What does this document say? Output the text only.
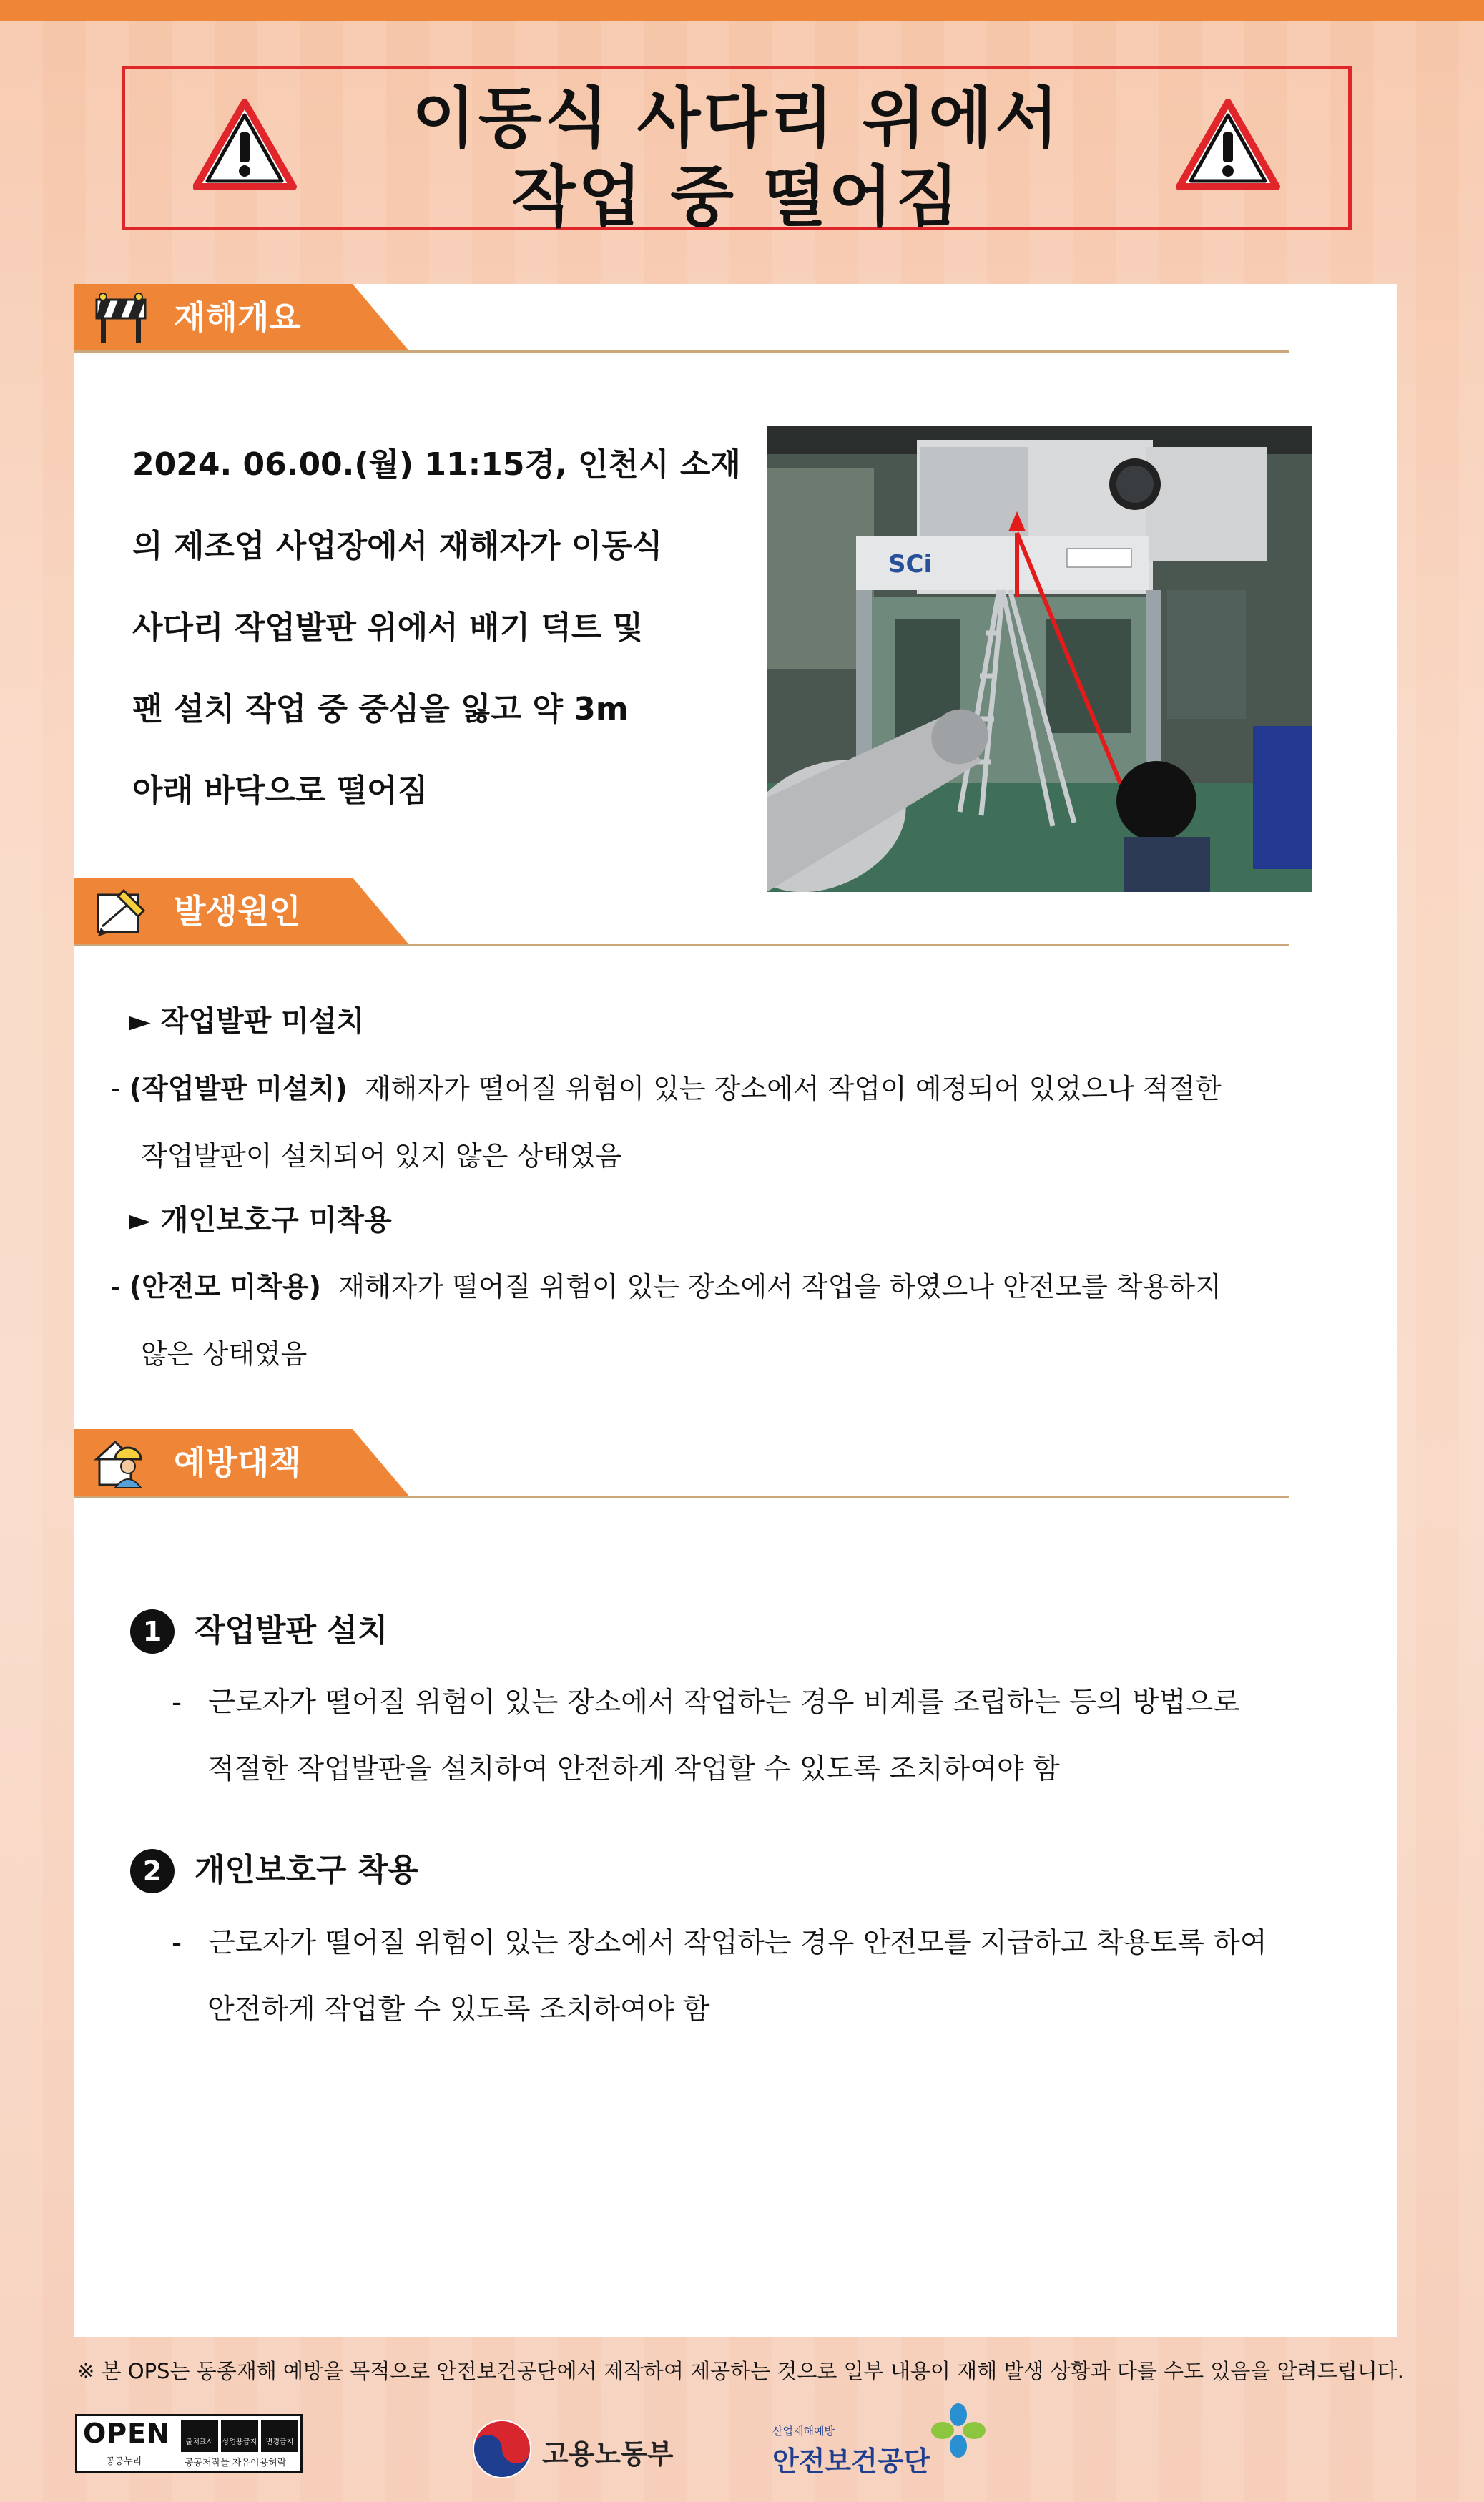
이동식 사다리 위에서
작업 중 떨어짐
재해개요
2024. 06.00.(월) 11:15경, 인천시 소재
의 제조업 사업장에서 재해자가 이동식
사다리 작업발판 위에서 배기 덕트 및
팬 설치 작업 중 중심을 잃고 약 3m
아래 바닥으로 떨어짐
SCi
발생원인
► 작업발판 미설치
- (작업발판 미설치) 재해자가 떨어질 위험이 있는 장소에서 작업이 예정되어 있었으나 적절한
작업발판이 설치되어 있지 않은 상태였음
► 개인보호구 미착용
- (안전모 미착용) 재해자가 떨어질 위험이 있는 장소에서 작업을 하였으나 안전모를 착용하지
않은 상태였음
예방대책
1	작업발판 설치
-   근로자가 떨어질 위험이 있는 장소에서 작업하는 경우 비계를 조립하는 등의 방법으로
적절한 작업발판을 설치하여 안전하게 작업할 수 있도록 조치하여야 함
2	개인보호구 착용
-   근로자가 떨어질 위험이 있는 장소에서 작업하는 경우 안전모를 지급하고 착용토록 하여
안전하게 작업할 수 있도록 조치하여야 함
※ 본 OPS는 동종재해 예방을 목적으로 안전보건공단에서 제작하여 제공하는 것으로 일부 내용이 재해 발생 상황과 다를 수도 있음을 알려드립니다.
OPEN
공공누리
출처표시	상업용금지	변경금지
공공저작물 자유이용허락	고용노동부
산업재해예방
안전보건공단
